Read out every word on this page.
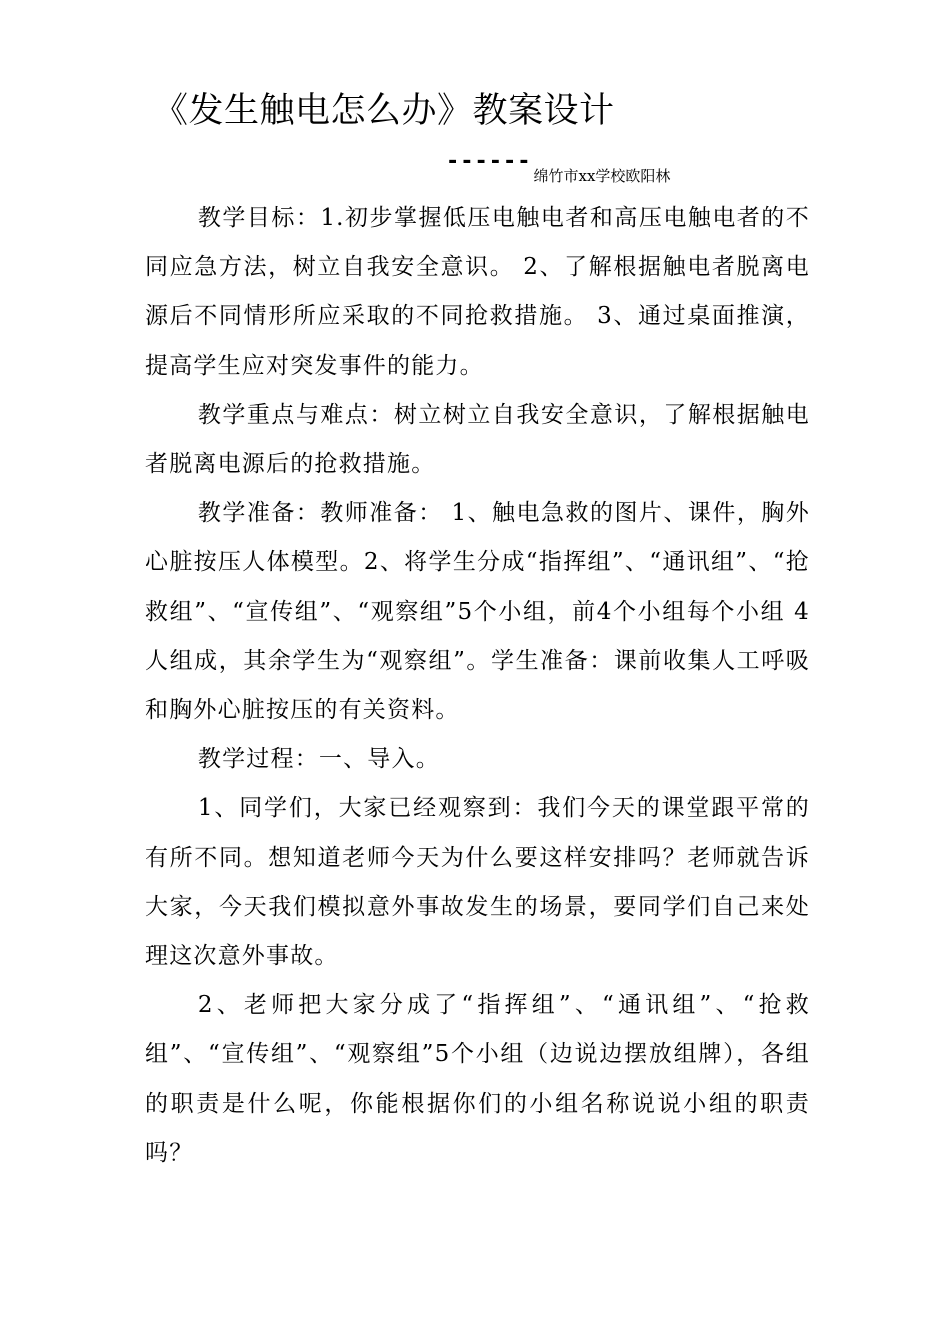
《发生触电怎么办》教案设计
------绵竹市xx学校欧阳林

教学目标：1.初步掌握低压电触电者和高压电触电者的不同应急方法，树立自我安全意识。 2、了解根据触电者脱离电源后不同情形所应采取的不同抢救措施。 3、通过桌面推演，提高学生应对突发事件的能力。

教学重点与难点：树立树立自我安全意识，了解根据触电者脱离电源后的抢救措施。

教学准备：教师准备： 1、触电急救的图片、课件，胸外心脏按压人体模型。2、将学生分成“指挥组”、“通讯组”、“抢救组”、“宣传组”、“观察组”5个小组，前4个小组每个小组 4 人组成，其余学生为“观察组”。学生准备：课前收集人工呼吸和胸外心脏按压的有关资料。

教学过程：一、导入。

1、同学们，大家已经观察到：我们今天的课堂跟平常的有所不同。想知道老师今天为什么要这样安排吗？老师就告诉大家，今天我们模拟意外事故发生的场景，要同学们自己来处理这次意外事故。

2、老师把大家分成了“指挥组”、“通讯组”、“抢救组”、“宣传组”、“观察组”5个小组（边说边摆放组牌），各组的职责是什么呢，你能根据你们的小组名称说说小组的职责吗？
